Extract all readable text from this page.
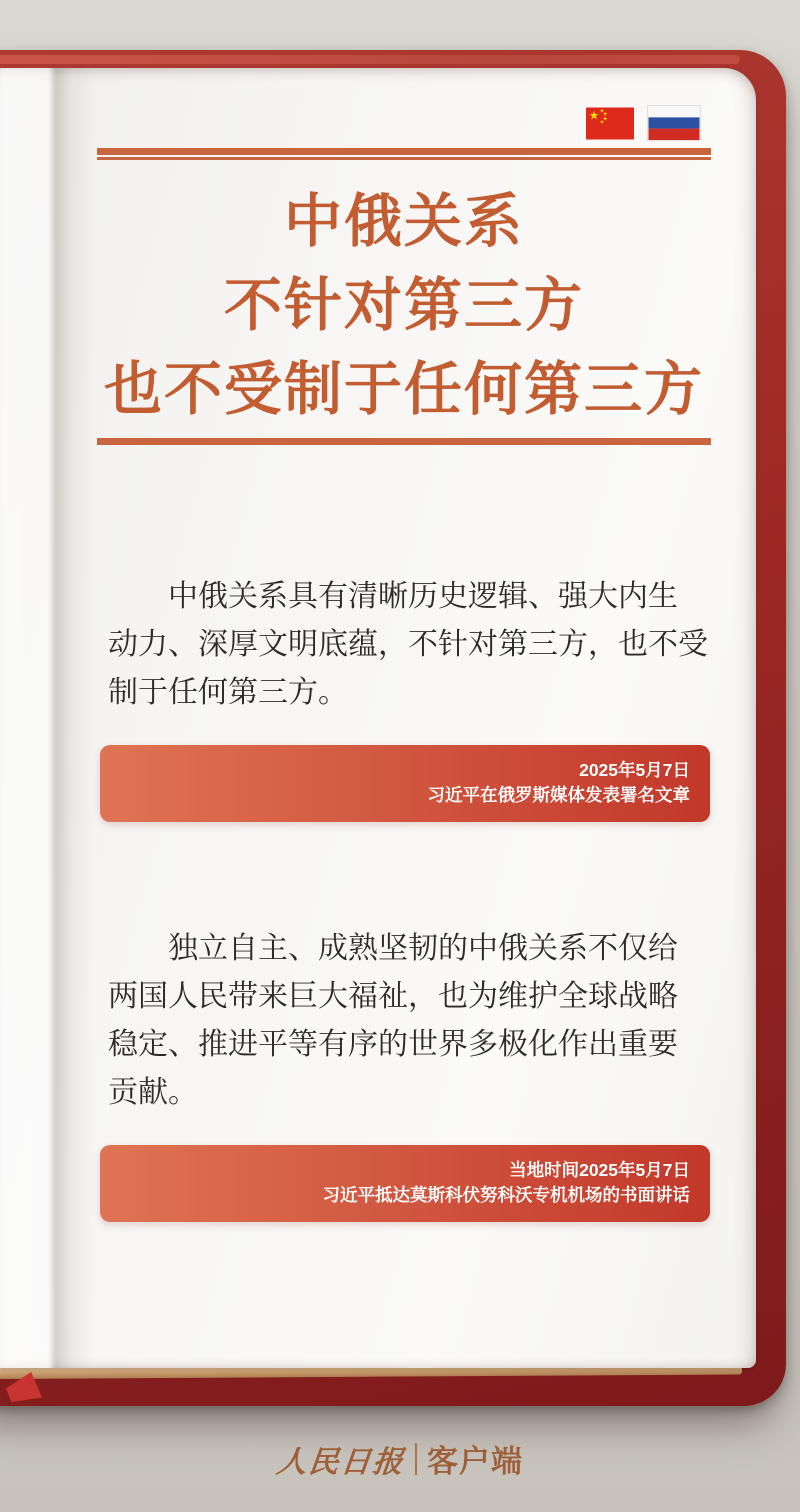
中俄关系
不针对第三方
也不受制于任何第三方

中俄关系具有清晰历史逻辑、强大内生

动力、深厚文明底蕴，不针对第三方，也不受

制于任何第三方。

2025年5月7日
习近平在俄罗斯媒体发表署名文章

独立自主、成熟坚韧的中俄关系不仅给

两国人民带来巨大福祉，也为维护全球战略

稳定、推进平等有序的世界多极化作出重要

贡献。

当地时间2025年5月7日
习近平抵达莫斯科伏努科沃专机机场的书面讲话
人民日报 客户端
